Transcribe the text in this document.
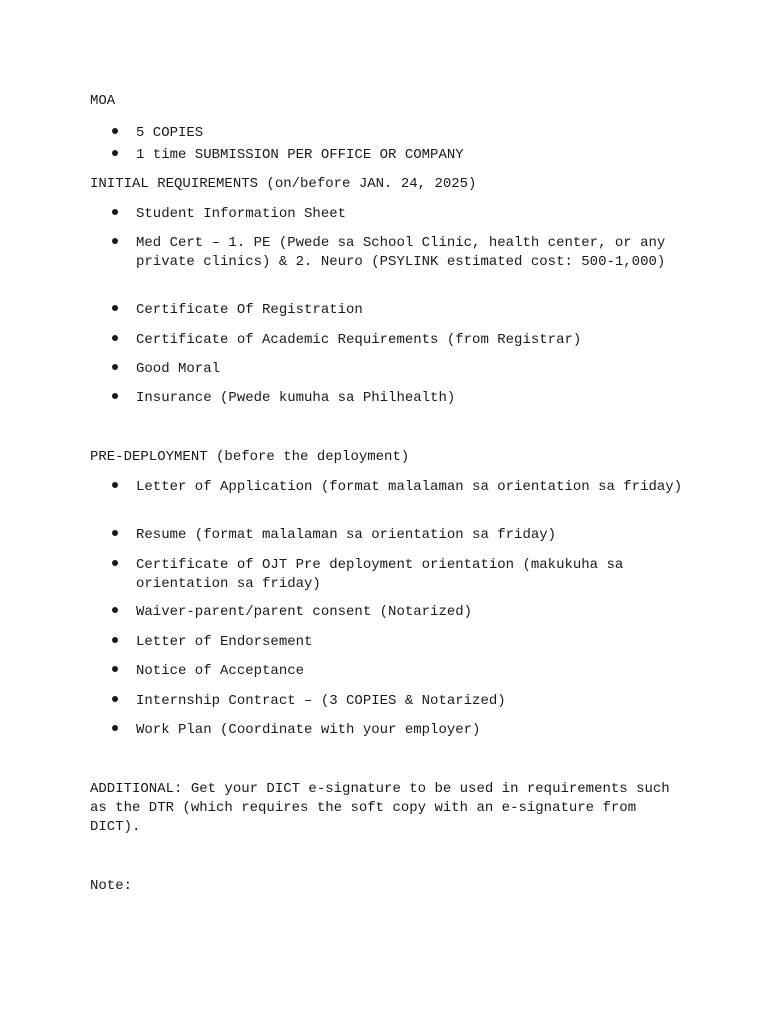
MOA
5 COPIES
1 time SUBMISSION PER OFFICE OR COMPANY
INITIAL REQUIREMENTS (on/before JAN. 24, 2025)
Student Information Sheet
Med Cert – 1. PE (Pwede sa School Clinic, health center, or any private clinics) & 2. Neuro (PSYLINK estimated cost: 500-1,000)
Certificate Of Registration
Certificate of Academic Requirements (from Registrar)
Good Moral
Insurance (Pwede kumuha sa Philhealth)
PRE-DEPLOYMENT (before the deployment)
Letter of Application (format malalaman sa orientation sa friday)
Resume (format malalaman sa orientation sa friday)
Certificate of OJT Pre deployment orientation (makukuha sa orientation sa friday)
Waiver-parent/parent consent (Notarized)
Letter of Endorsement
Notice of Acceptance
Internship Contract – (3 COPIES & Notarized)
Work Plan (Coordinate with your employer)
ADDITIONAL: Get your DICT e-signature to be used in requirements such as the DTR (which requires the soft copy with an e-signature from DICT).
Note:
